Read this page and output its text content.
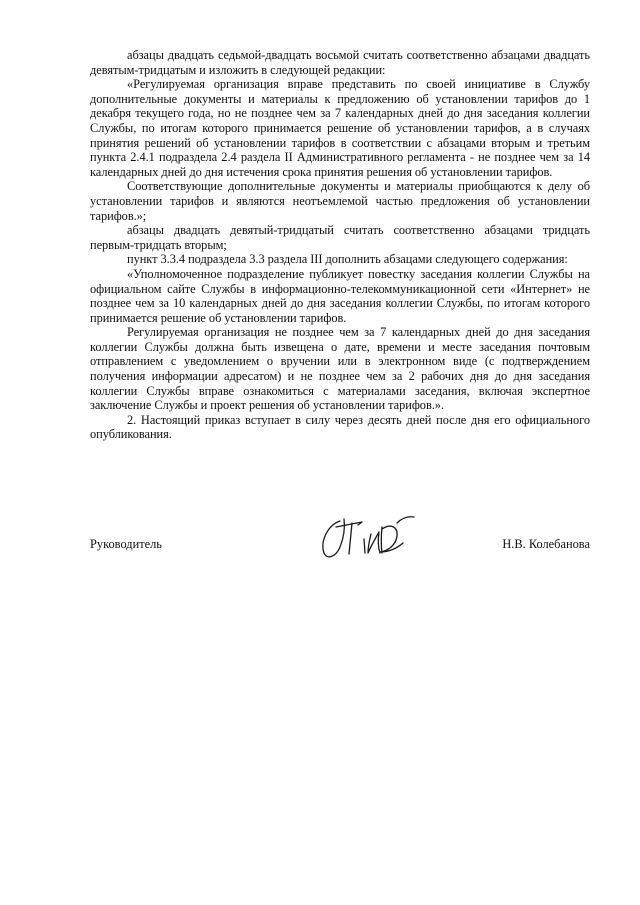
абзацы двадцать седьмой-двадцать восьмой считать соответственно абзацами двадцать девятым-тридцатым и изложить в следующей редакции:

«Регулируемая организация вправе представить по своей инициативе в Службу дополнительные документы и материалы к предложению об установлении тарифов до 1 декабря текущего года, но не позднее чем за 7 календарных дней до дня заседания коллегии Службы, по итогам которого принимается решение об установлении тарифов, а в случаях принятия решений об установлении тарифов в соответствии с абзацами вторым и третьим пункта 2.4.1 подраздела 2.4 раздела II Административного регламента - не позднее чем за 14 календарных дней до дня истечения срока принятия решения об установлении тарифов.

Соответствующие дополнительные документы и материалы приобщаются к делу об установлении тарифов и являются неотъемлемой частью предложения об установлении тарифов.»;

абзацы двадцать девятый-тридцатый считать соответственно абзацами тридцать первым-тридцать вторым;

пункт 3.3.4 подраздела 3.3 раздела III дополнить абзацами следующего содержания:

«Уполномоченное подразделение публикует повестку заседания коллегии Службы на официальном сайте Службы в информационно-телекоммуникационной сети «Интернет» не позднее чем за 10 календарных дней до дня заседания коллегии Службы, по итогам которого принимается решение об установлении тарифов.

Регулируемая организация не позднее чем за 7 календарных дней до дня заседания коллегии Службы должна быть извещена о дате, времени и месте заседания почтовым отправлением с уведомлением о вручении или в электронном виде (с подтверждением получения информации адресатом) и не позднее чем за 2 рабочих дня до дня заседания коллегии Службы вправе ознакомиться с материалами заседания, включая экспертное заключение Службы и проект решения об установлении тарифов.».

2. Настоящий приказ вступает в силу через десять дней после дня его официального опубликования.

Руководитель	Н.В. Колебанова
